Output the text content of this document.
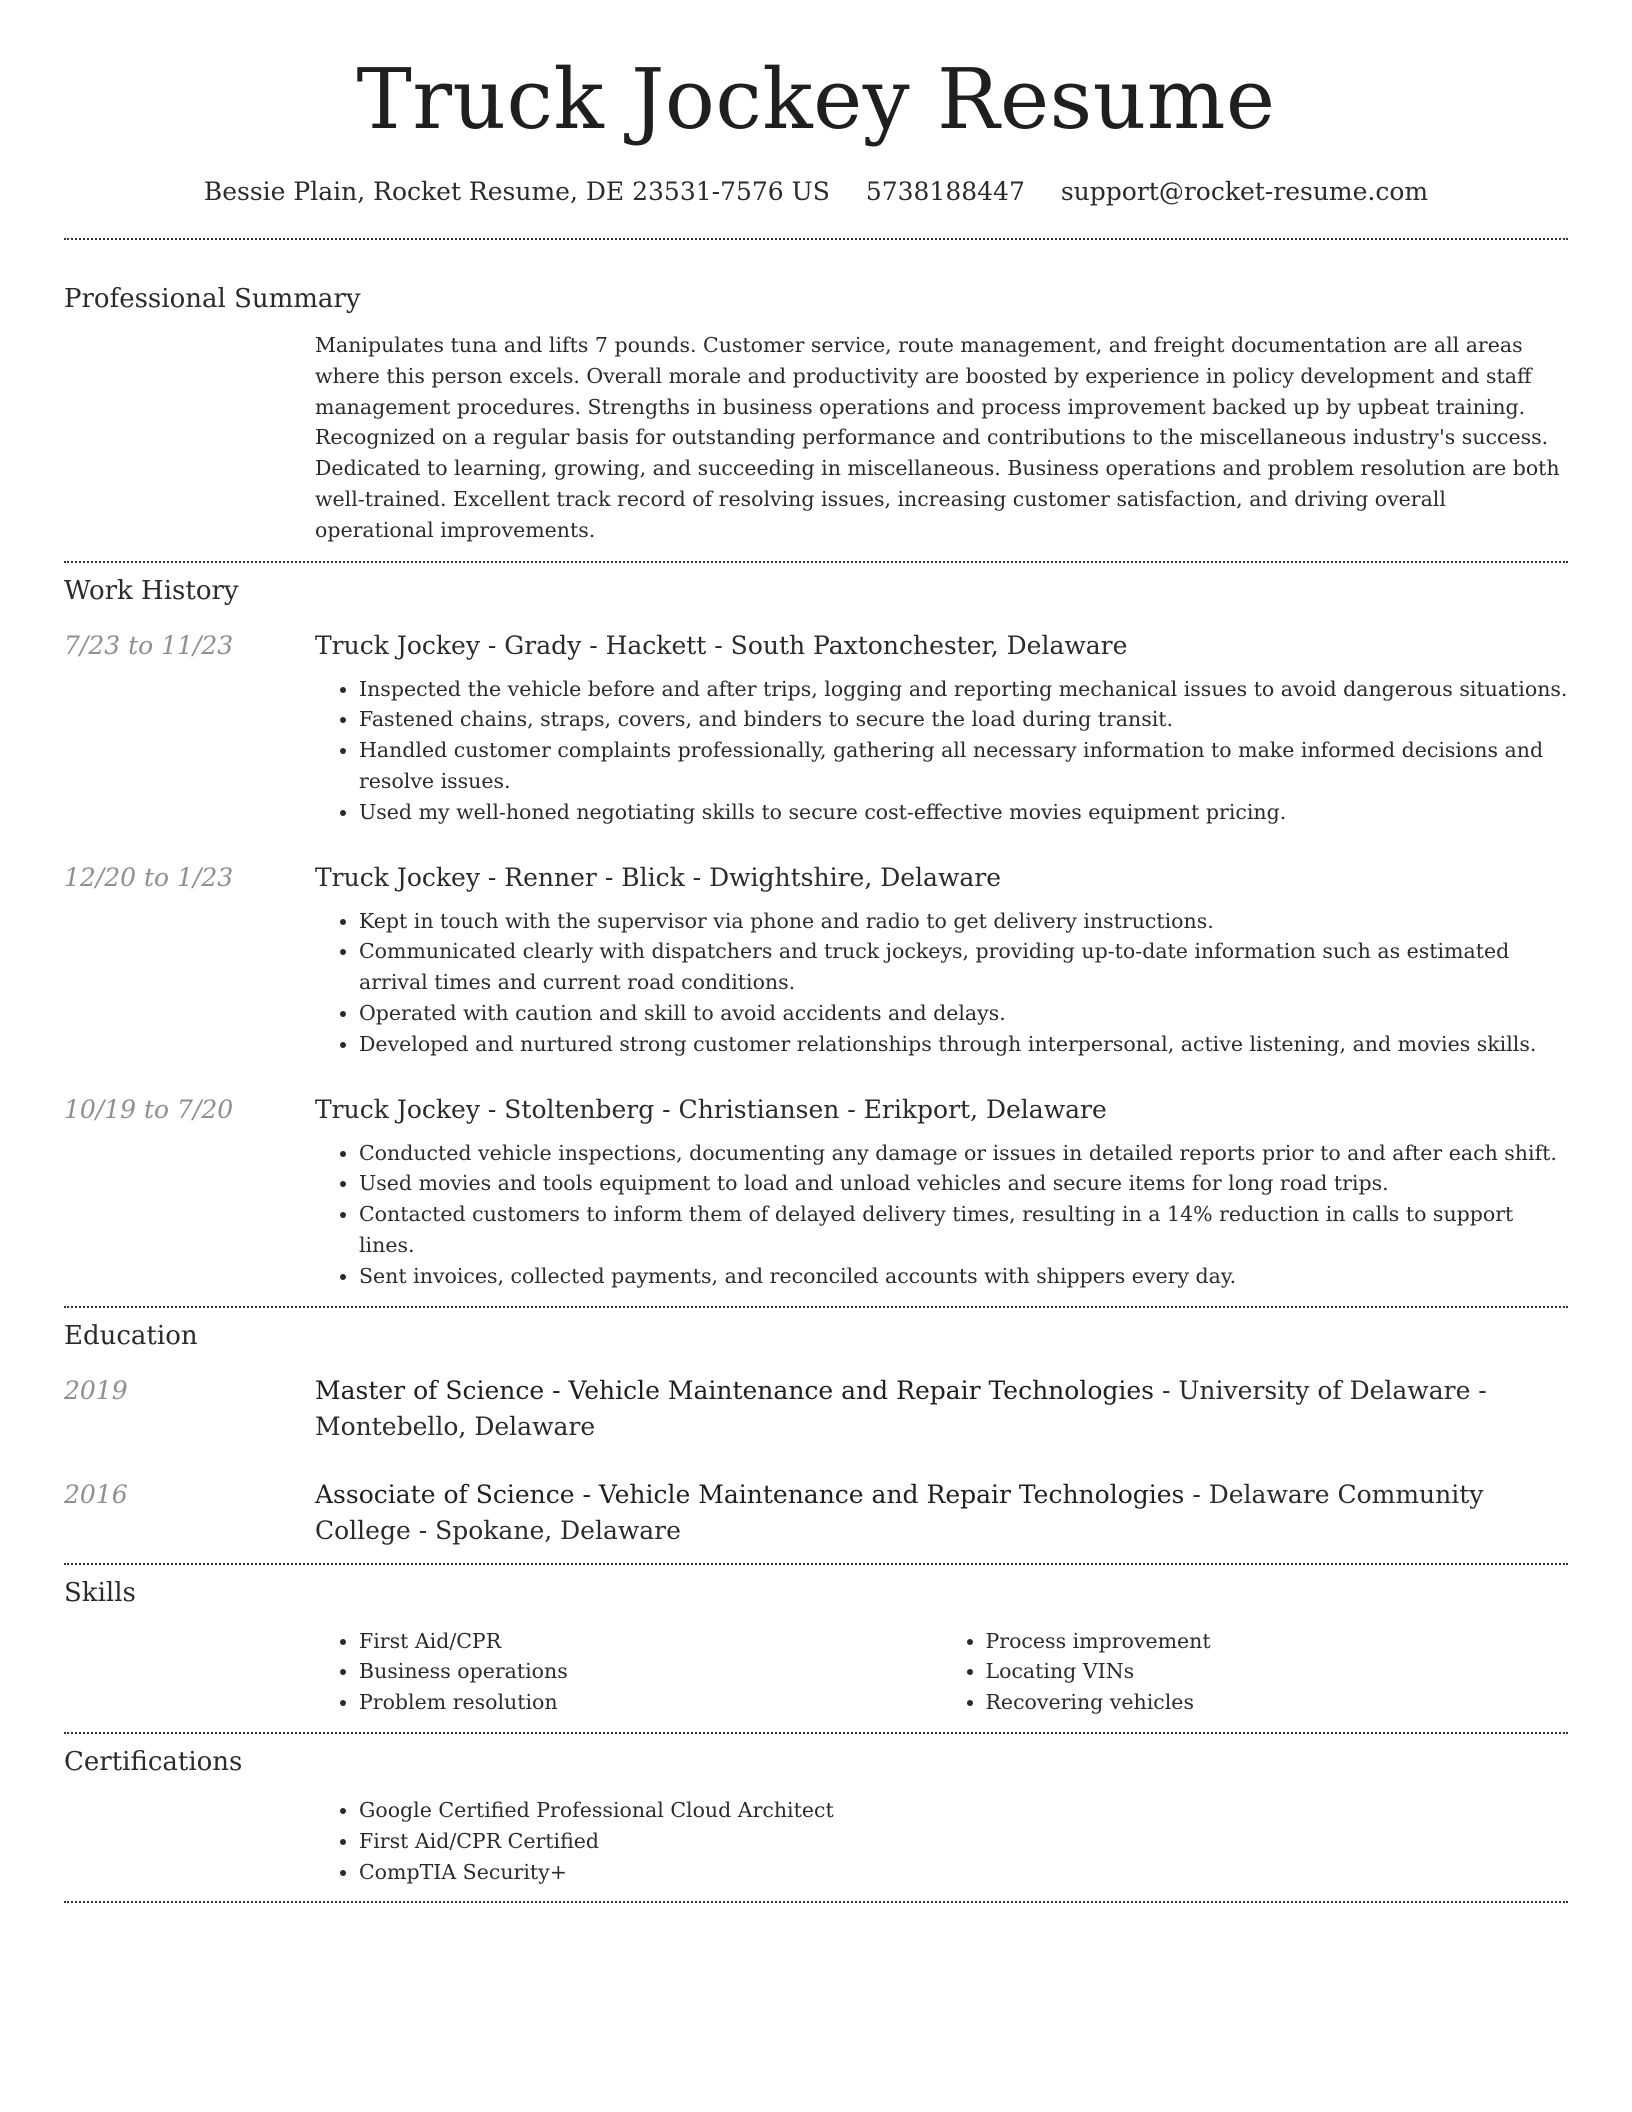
Truck Jockey Resume
Bessie Plain, Rocket Resume, DE 23531-7576 US 5738188447 support@rocket-resume.com
Professional Summary

Manipulates tuna and lifts 7 pounds. Customer service, route management, and freight documentation are all areas where this person excels. Overall morale and productivity are boosted by experience in policy development and staff management procedures. Strengths in business operations and process improvement backed up by upbeat training. Recognized on a regular basis for outstanding performance and contributions to the miscellaneous industry's success. Dedicated to learning, growing, and succeeding in miscellaneous. Business operations and problem resolution are both well-trained. Excellent track record of resolving issues, increasing customer satisfaction, and driving overall operational improvements.

Work History
7/23 to 11/23	Truck Jockey - Grady - Hackett - South Paxtonchester, Delaware

• Inspected the vehicle before and after trips, logging and reporting mechanical issues to avoid dangerous situations.
• Fastened chains, straps, covers, and binders to secure the load during transit.
• Handled customer complaints professionally, gathering all necessary information to make informed decisions and resolve issues.
• Used my well-honed negotiating skills to secure cost-effective movies equipment pricing.
12/20 to 1/23	Truck Jockey - Renner - Blick - Dwightshire, Delaware

• Kept in touch with the supervisor via phone and radio to get delivery instructions.
• Communicated clearly with dispatchers and truck jockeys, providing up-to-date information such as estimated arrival times and current road conditions.
• Operated with caution and skill to avoid accidents and delays.
• Developed and nurtured strong customer relationships through interpersonal, active listening, and movies skills.
10/19 to 7/20	Truck Jockey - Stoltenberg - Christiansen - Erikport, Delaware

• Conducted vehicle inspections, documenting any damage or issues in detailed reports prior to and after each shift.
• Used movies and tools equipment to load and unload vehicles and secure items for long road trips.
• Contacted customers to inform them of delayed delivery times, resulting in a 14% reduction in calls to support lines.
• Sent invoices, collected payments, and reconciled accounts with shippers every day.
Education
2019	Master of Science - Vehicle Maintenance and Repair Technologies - University of Delaware - Montebello, Delaware

2016	Associate of Science - Vehicle Maintenance and Repair Technologies - Delaware Community College - Spokane, Delaware

Skills
• First Aid/CPR
• Business operations
• Problem resolution
• Process improvement
• Locating VINs
• Recovering vehicles
Certifications
• Google Certified Professional Cloud Architect
• First Aid/CPR Certified
• CompTIA Security+
